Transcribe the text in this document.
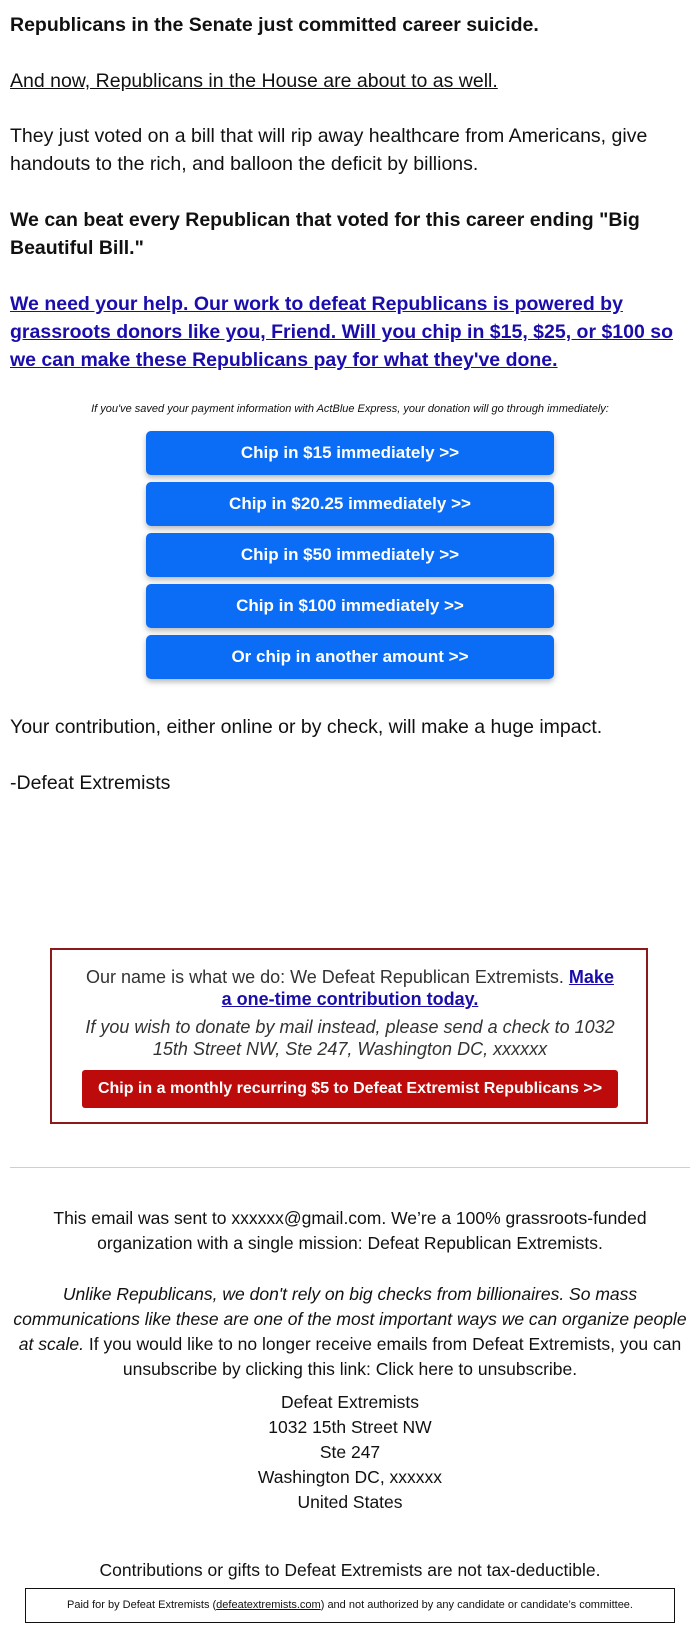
Republicans in the Senate just committed career suicide.

And now, Republicans in the House are about to as well.

They just voted on a bill that will rip away healthcare from Americans, give handouts to the rich, and balloon the deficit by billions.

We can beat every Republican that voted for this career ending "Big Beautiful Bill."

We need your help. Our work to defeat Republicans is powered by grassroots donors like you, Friend. Will you chip in $15, $25, or $100 so we can make these Republicans pay for what they've done.

If you've saved your payment information with ActBlue Express, your donation will go through immediately:
Chip in $15 immediately >>
Chip in $20.25 immediately >>
Chip in $50 immediately >>
Chip in $100 immediately >>
Or chip in another amount >>

Your contribution, either online or by check, will make a huge impact.

-Defeat Extremists

Our name is what we do: We Defeat Republican Extremists. Make a one-time contribution today.
If you wish to donate by mail instead, please send a check to 1032 15th Street NW, Ste 247, Washington DC, xxxxxx
Chip in a monthly recurring $5 to Defeat Extremist Republicans >>

This email was sent to xxxxxx@gmail.com. We’re a 100% grassroots-funded organization with a single mission: Defeat Republican Extremists.

Unlike Republicans, we don't rely on big checks from billionaires. So mass communications like these are one of the most important ways we can organize people at scale. If you would like to no longer receive emails from Defeat Extremists, you can unsubscribe by clicking this link: Click here to unsubscribe.

Defeat Extremists
1032 15th Street NW
Ste 247
Washington DC, xxxxxx
United States

Contributions or gifts to Defeat Extremists are not tax-deductible.

Paid for by Defeat Extremists (defeatextremists.com) and not authorized by any candidate or candidate’s committee.
